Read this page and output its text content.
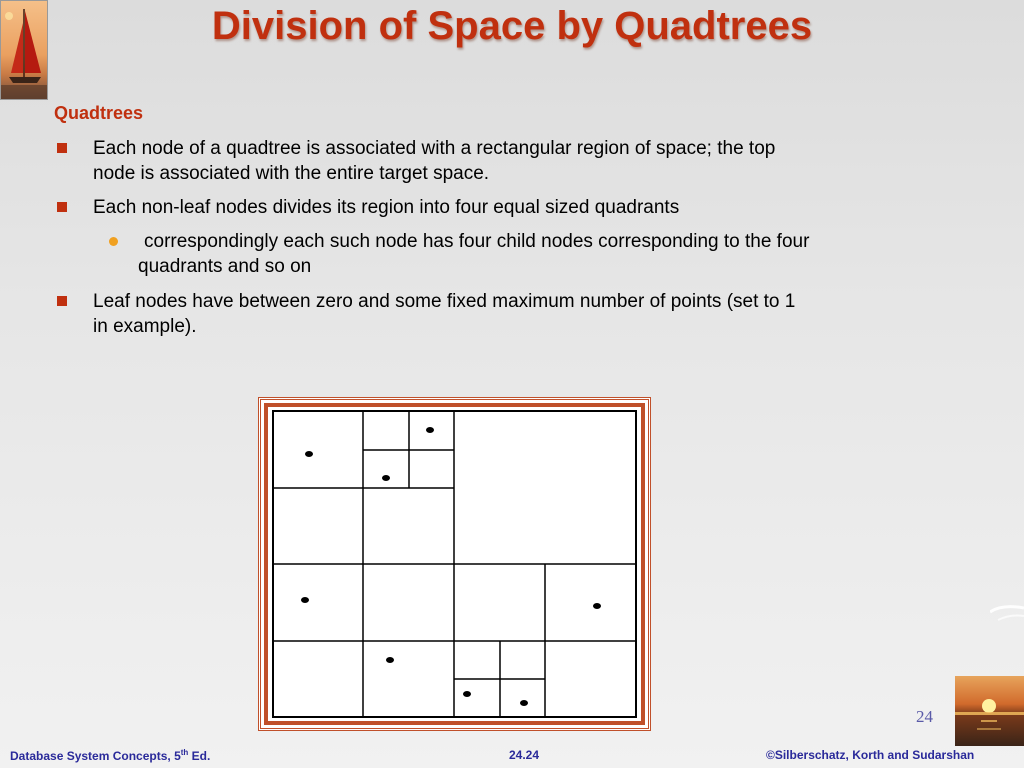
Division of Space by Quadtrees
Quadtrees
Each node of a quadtree is associated with a rectangular region of space; the top
node is associated with the entire target space.
Each non-leaf nodes divides its region into four equal sized quadrants
correspondingly each such node has four child nodes corresponding to the four
quadrants and so on
Leaf nodes have between zero and some fixed maximum number of points (set to 1
in example).
24
Database System Concepts, 5th Ed.	24.24	©Silberschatz, Korth and Sudarshan
